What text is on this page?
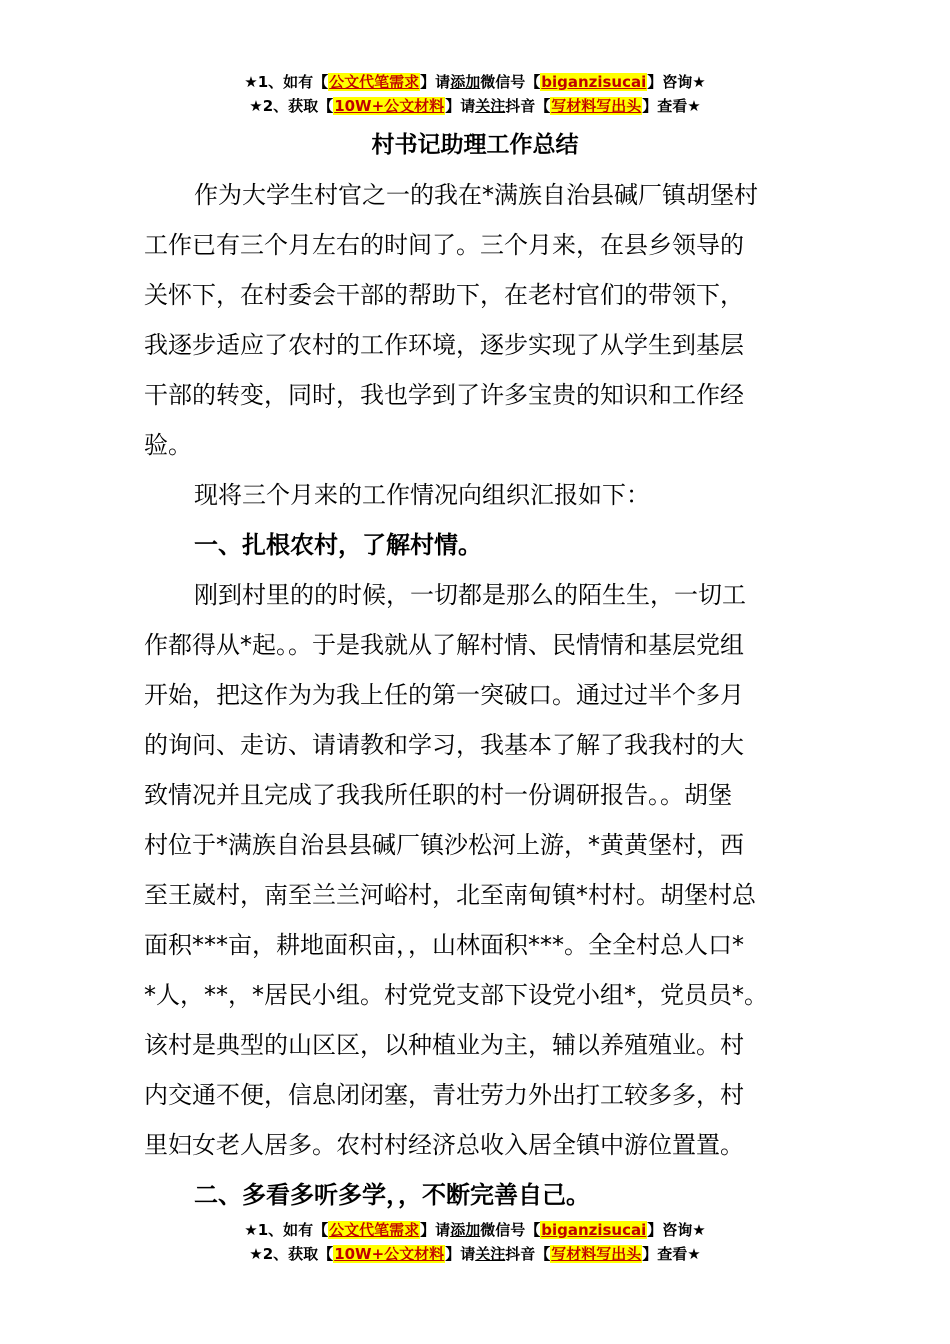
★1、如有【公文代笔需求】请添加微信号【biganzisucai】咨询★
★2、获取【10W+公文材料】请关注抖音【写材料写出头】查看★
村书记助理工作总结
作为大学生村官之一的我在*满族自治县碱厂镇胡堡村
工作已有三个月左右的时间了。三个月来，在县乡领导的
关怀下，在村委会干部的帮助下，在老村官们的带领下，
我逐步适应了农村的工作环境，逐步实现了从学生到基层
干部的转变，同时，我也学到了许多宝贵的知识和工作经
验。
现将三个月来的工作情况向组织汇报如下：
一、扎根农村，了解村情。
刚到村里的的时候，一切都是那么的陌生生，一切工
作都得从*起。。于是我就从了解村情、民情情和基层党组
开始，把这作为为我上任的第一突破口。通过过半个多月
的询问、走访、请请教和学习，我基本了解了我我村的大
致情况并且完成了我我所任职的村一份调研报告。。胡堡
村位于*满族自治县县碱厂镇沙松河上游，*黄黄堡村，西
至王崴村，南至兰兰河峪村，北至南甸镇*村村。胡堡村总
面积***亩，耕地面积亩，，山林面积***。全全村总人口*
*人，**，*居民小组。村党党支部下设党小组*，党员员*。
该村是典型的山区区，以种植业为主，辅以养殖殖业。村
内交通不便，信息闭闭塞，青壮劳力外出打工较多多，村
里妇女老人居多。农村村经济总收入居全镇中游位置置。
二、多看多听多学，，不断完善自己。
★1、如有【公文代笔需求】请添加微信号【biganzisucai】咨询★
★2、获取【10W+公文材料】请关注抖音【写材料写出头】查看★
